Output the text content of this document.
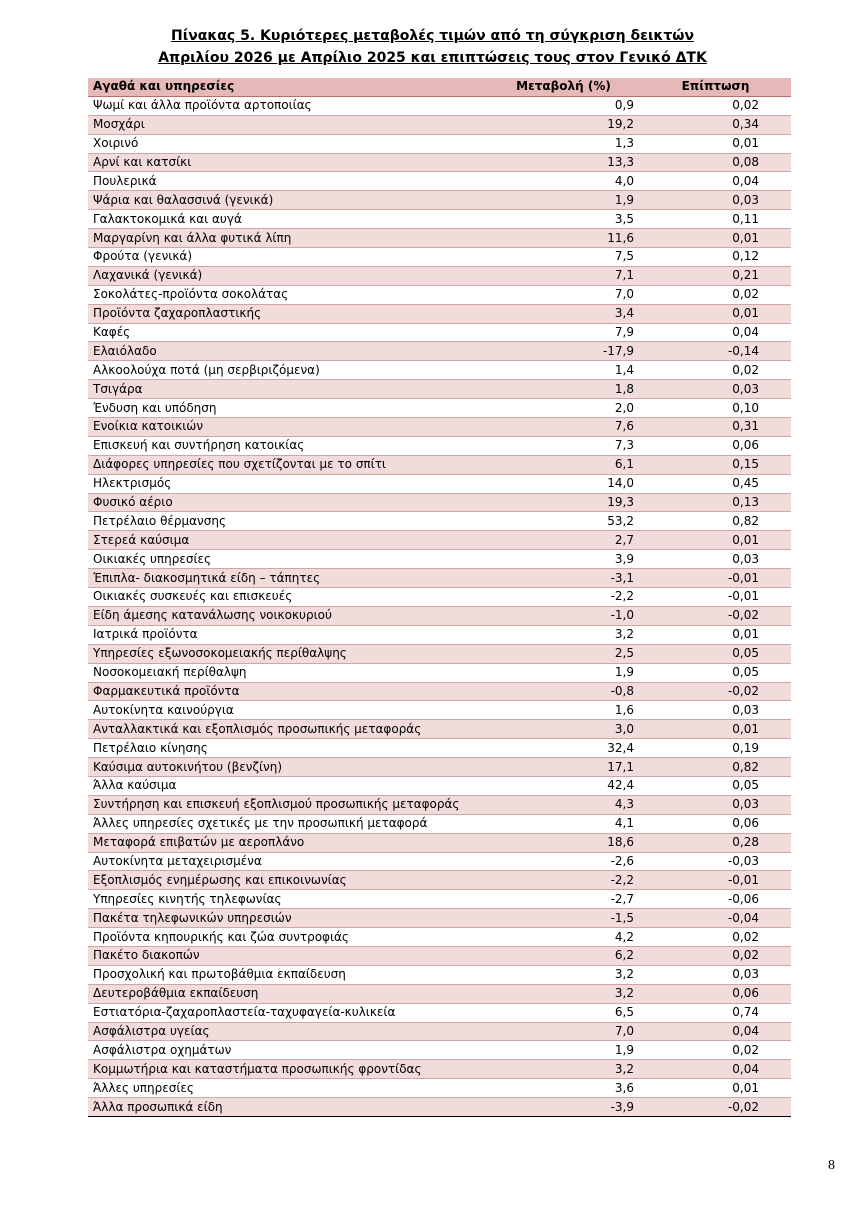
Πίνακας 5. Κυριότερες μεταβολές τιμών από τη σύγκριση δεικτών
Απριλίου 2026 με Απρίλιο 2025 και επιπτώσεις τους στον Γενικό ΔΤΚ
Αγαθά και υπηρεσίες	Μεταβολή (%)	Επίπτωση
Ψωμί και άλλα προϊόντα αρτοποιίας	0,9	0,02
Μοσχάρι	19,2	0,34
Χοιρινό	1,3	0,01
Αρνί και κατσίκι	13,3	0,08
Πουλερικά	4,0	0,04
Ψάρια και θαλασσινά (γενικά)	1,9	0,03
Γαλακτοκομικά και αυγά	3,5	0,11
Μαργαρίνη και άλλα φυτικά λίπη	11,6	0,01
Φρούτα (γενικά)	7,5	0,12
Λαχανικά (γενικά)	7,1	0,21
Σοκολάτες-προϊόντα σοκολάτας	7,0	0,02
Προϊόντα ζαχαροπλαστικής	3,4	0,01
Καφές	7,9	0,04
Ελαιόλαδο	-17,9	-0,14
Αλκοολούχα ποτά (μη σερβιριζόμενα)	1,4	0,02
Τσιγάρα	1,8	0,03
Ένδυση και υπόδηση	2,0	0,10
Ενοίκια κατοικιών	7,6	0,31
Επισκευή και συντήρηση κατοικίας	7,3	0,06
Διάφορες υπηρεσίες που σχετίζονται με το σπίτι	6,1	0,15
Ηλεκτρισμός	14,0	0,45
Φυσικό αέριο	19,3	0,13
Πετρέλαιο θέρμανσης	53,2	0,82
Στερεά καύσιμα	2,7	0,01
Οικιακές υπηρεσίες	3,9	0,03
Έπιπλα- διακοσμητικά είδη – τάπητες	-3,1	-0,01
Οικιακές συσκευές και επισκευές	-2,2	-0,01
Είδη άμεσης κατανάλωσης νοικοκυριού	-1,0	-0,02
Ιατρικά προϊόντα	3,2	0,01
Υπηρεσίες εξωνοσοκομειακής περίθαλψης	2,5	0,05
Νοσοκομειακή περίθαλψη	1,9	0,05
Φαρμακευτικά προϊόντα	-0,8	-0,02
Αυτοκίνητα καινούργια	1,6	0,03
Ανταλλακτικά και εξοπλισμός προσωπικής μεταφοράς	3,0	0,01
Πετρέλαιο κίνησης	32,4	0,19
Καύσιμα αυτοκινήτου (βενζίνη)	17,1	0,82
Άλλα καύσιμα	42,4	0,05
Συντήρηση και επισκευή εξοπλισμού προσωπικής μεταφοράς	4,3	0,03
Άλλες υπηρεσίες σχετικές με την προσωπική μεταφορά	4,1	0,06
Μεταφορά επιβατών με αεροπλάνο	18,6	0,28
Αυτοκίνητα μεταχειρισμένα	-2,6	-0,03
Εξοπλισμός ενημέρωσης και επικοινωνίας	-2,2	-0,01
Υπηρεσίες κινητής τηλεφωνίας	-2,7	-0,06
Πακέτα τηλεφωνικών υπηρεσιών	-1,5	-0,04
Προϊόντα κηπουρικής και ζώα συντροφιάς	4,2	0,02
Πακέτο διακοπών	6,2	0,02
Προσχολική και πρωτοβάθμια εκπαίδευση	3,2	0,03
Δευτεροβάθμια εκπαίδευση	3,2	0,06
Εστιατόρια-ζαχαροπλαστεία-ταχυφαγεία-κυλικεία	6,5	0,74
Ασφάλιστρα υγείας	7,0	0,04
Ασφάλιστρα οχημάτων	1,9	0,02
Κομμωτήρια και καταστήματα προσωπικής φροντίδας	3,2	0,04
Άλλες υπηρεσίες	3,6	0,01
Άλλα προσωπικά είδη	-3,9	-0,02
8
